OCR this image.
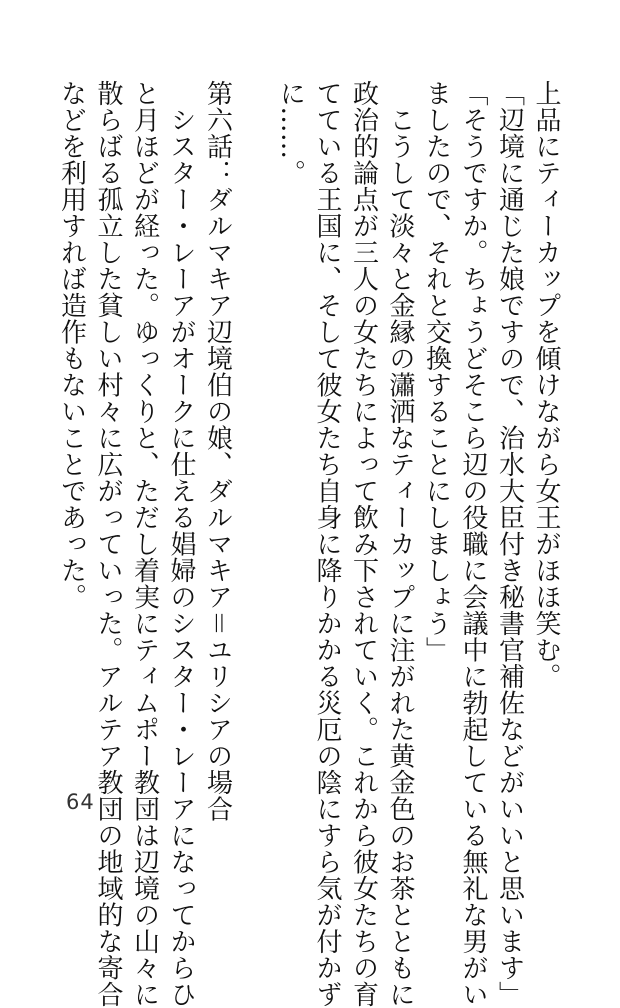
上品にティーカップを傾けながら女王がほほ笑む。
「辺境に通じた娘ですので、治水大臣付き秘書官補佐などがいいと思います」
「そうですか。ちょうどそこら辺の役職に会議中に勃起している無礼な男がい
ましたので、それと交換することにしましょう」
　こうして淡々と金縁の瀟洒なティーカップに注がれた黄金色のお茶とともに
政治的論点が三人の女たちによって飲み下されていく。これから彼女たちの育
てている王国に、そして彼女たち自身に降りかかる災厄の陰にすら気が付かず
に……。
第六話：ダルマキア辺境伯の娘、ダルマキア＝ユリシアの場合
　シスター・レーアがオークに仕える娼婦のシスター・レーアになってからひ
と月ほどが経った。ゆっくりと、ただし着実にティムポー教団は辺境の山々に
散らばる孤立した貧しい村々に広がっていった。アルテア教団の地域的な寄合
などを利用すれば造作もないことであった。
64
